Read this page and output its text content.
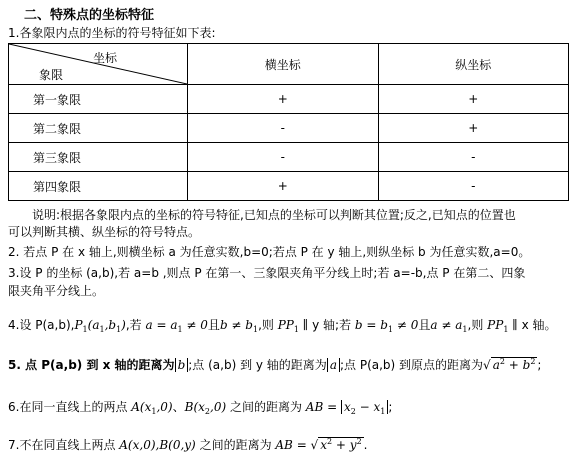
二、特殊点的坐标特征
1.各象限内点的坐标的符号特征如下表:
坐标
象限	横坐标	纵坐标
第一象限	+	+
第二象限	-	+
第三象限	-	-
第四象限	+	-
说明:根据各象限内点的坐标的符号特征,已知点的坐标可以判断其位置;反之,已知点的位置也
可以判断其横、纵坐标的符号特点。
2. 若点 P 在 x 轴上,则横坐标 a 为任意实数,b=0;若点 P 在 y 轴上,则纵坐标 b 为任意实数,a=0。
3.设 P 的坐标 (a,b),若 a=b ,则点 P 在第一、三象限夹角平分线上时;若 a=-b,点 P 在第二、四象
限夹角平分线上。
4.设 $P(a,b),P_1(a_1,b_1)$,若 $a = a_1 \ne 0$且$b \ne b_1$,则 $PP_1$ ∥ y 轴;若 $b = b_1 \ne 0$且$a \ne a_1$,则 $PP_1$ ∥ x 轴。
5. 点 P(a,b) 到 x 轴的距离为 b ;点 (a,b) 到 y 轴的距离为 a ;点 P(a,b) 到原点的距离为√ $a^2 + b^2$ ;
6.在同一直线上的两点 $A(x_1,0)$、$B(x_2,0)$ 之间的距离为 AB = $x_2 - x_1$ ;
7.不在同直线上两点 A(x,0),B(0,y) 之间的距离为 AB = √ $x^2 + y^2$ .
